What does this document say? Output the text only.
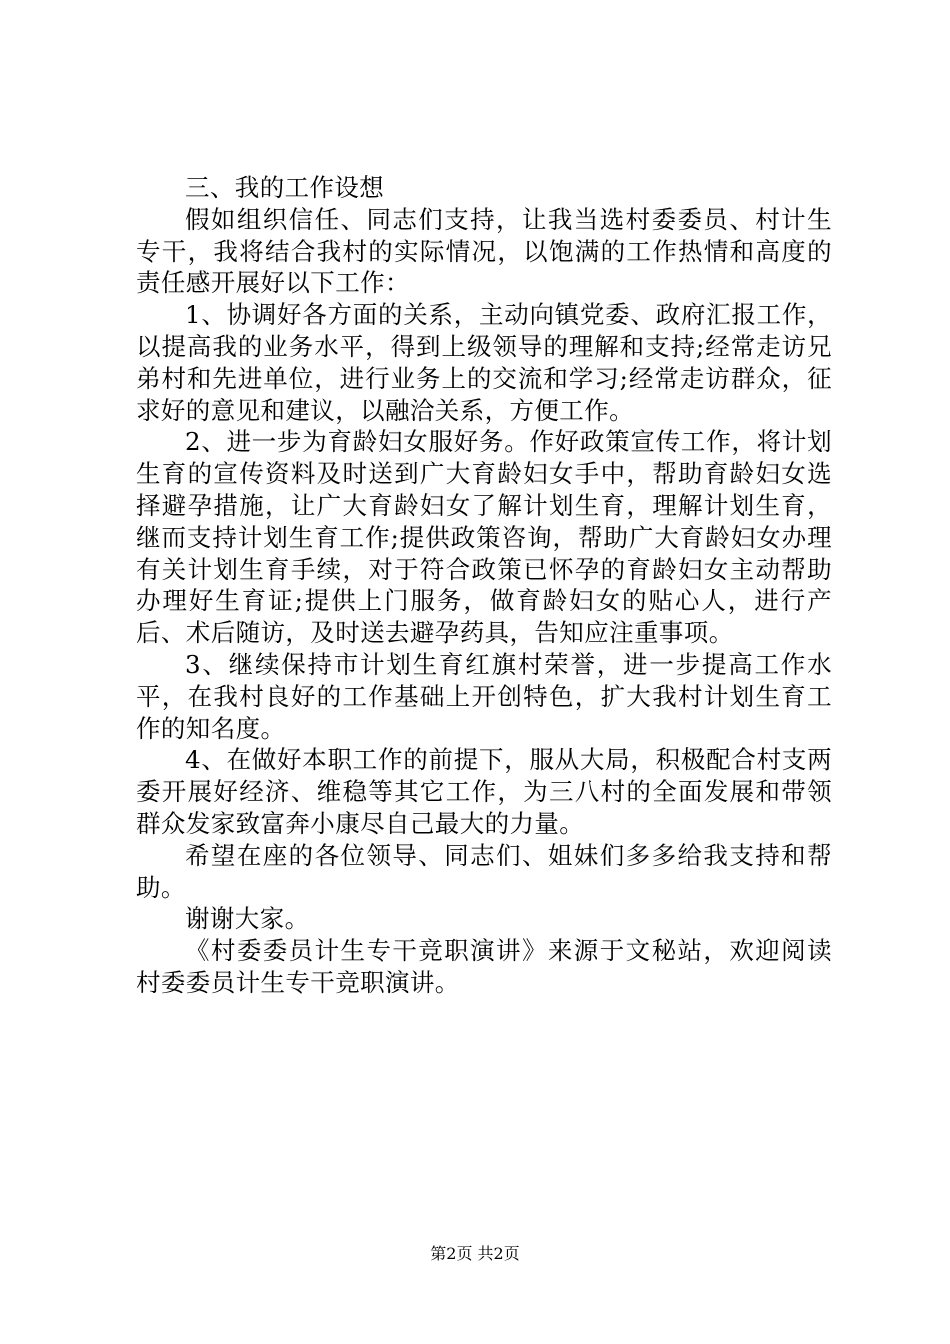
三、我的工作设想

假如组织信任、同志们支持，让我当选村委委员、村计生专干，我将结合我村的实际情况，以饱满的工作热情和高度的责任感开展好以下工作：

1、协调好各方面的关系，主动向镇党委、政府汇报工作，以提高我的业务水平，得到上级领导的理解和支持;经常走访兄弟村和先进单位，进行业务上的交流和学习;经常走访群众，征求好的意见和建议，以融洽关系，方便工作。

2、进一步为育龄妇女服好务。作好政策宣传工作，将计划生育的宣传资料及时送到广大育龄妇女手中，帮助育龄妇女选择避孕措施，让广大育龄妇女了解计划生育，理解计划生育，继而支持计划生育工作;提供政策咨询，帮助广大育龄妇女办理有关计划生育手续，对于符合政策已怀孕的育龄妇女主动帮助办理好生育证;提供上门服务，做育龄妇女的贴心人，进行产后、术后随访，及时送去避孕药具，告知应注重事项。

3、继续保持市计划生育红旗村荣誉，进一步提高工作水平，在我村良好的工作基础上开创特色，扩大我村计划生育工作的知名度。

4、在做好本职工作的前提下，服从大局，积极配合村支两委开展好经济、维稳等其它工作，为三八村的全面发展和带领群众发家致富奔小康尽自己最大的力量。

希望在座的各位领导、同志们、姐妹们多多给我支持和帮助。

谢谢大家。

《村委委员计生专干竞职演讲》来源于文秘站，欢迎阅读村委委员计生专干竞职演讲。

第2页 共2页
